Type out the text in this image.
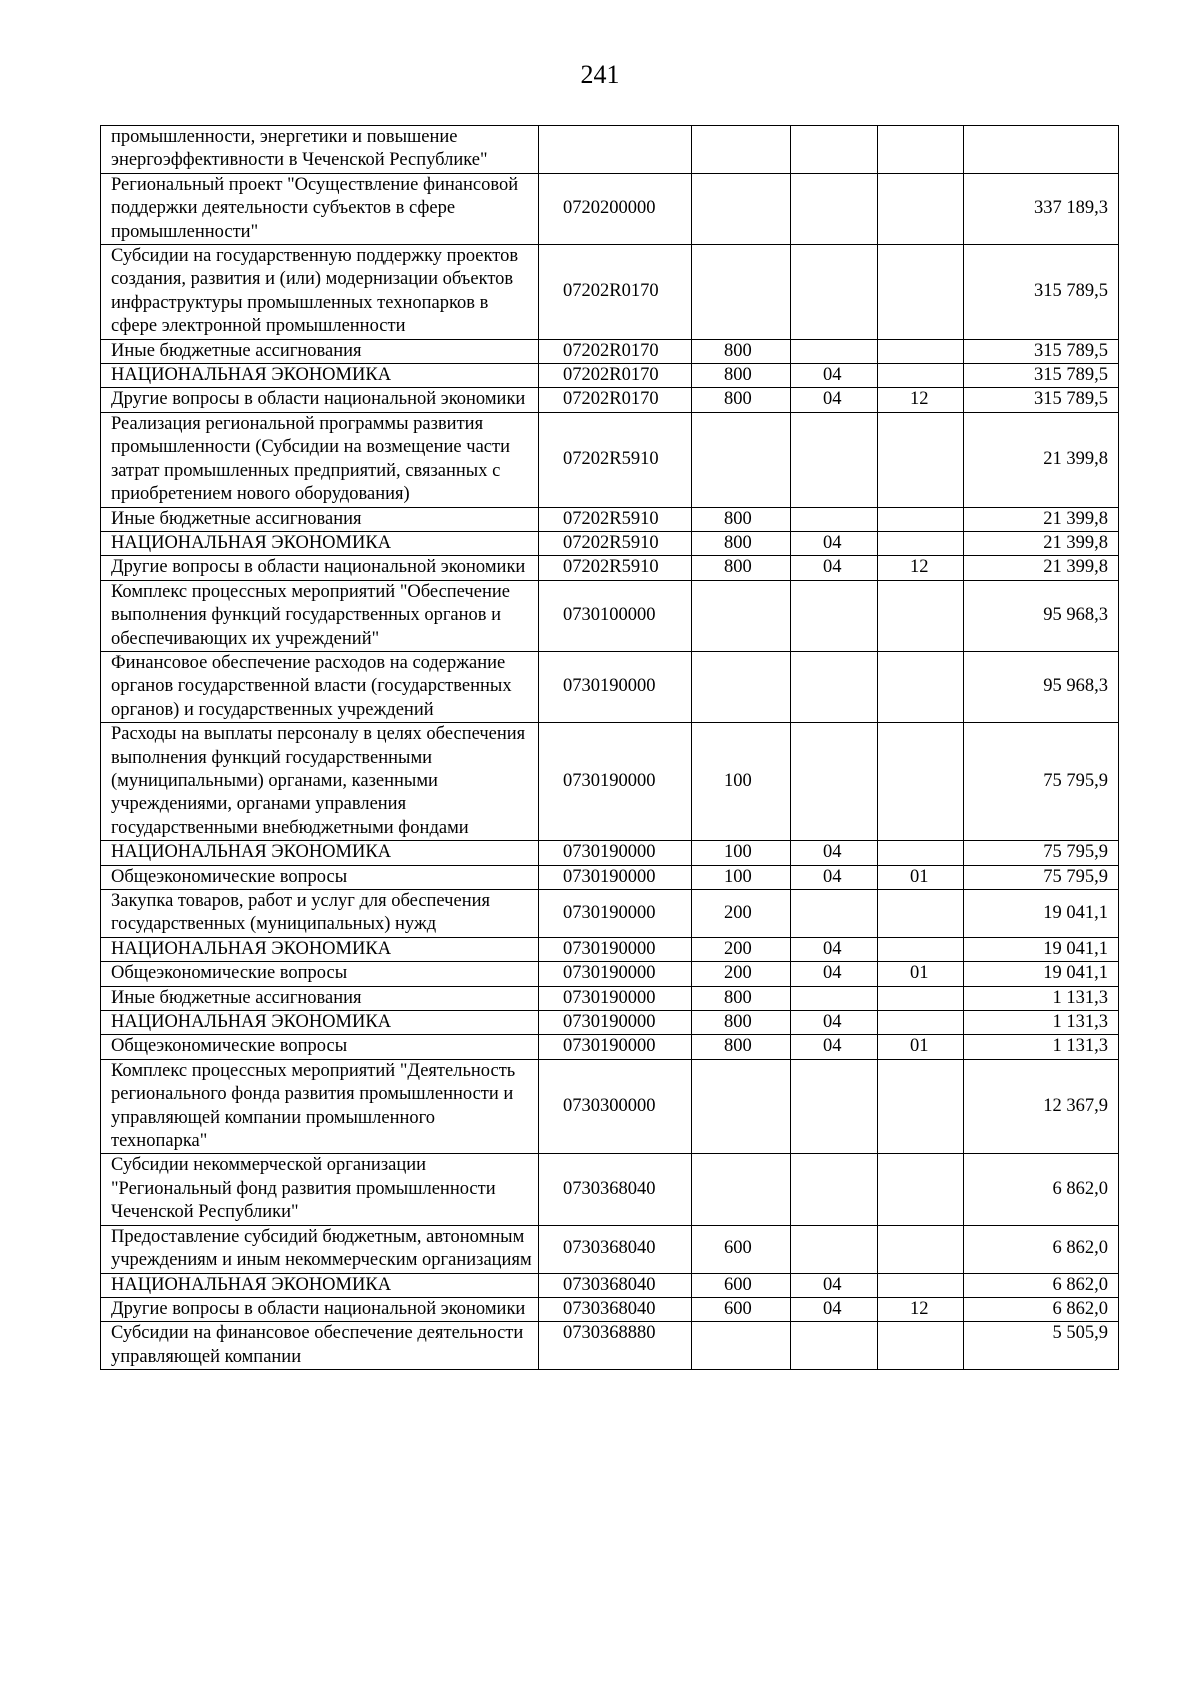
241
промышленности, энергетики и повышение энергоэффективности в Чеченской Республике"					
Региональный проект "Осуществление финансовой поддержки деятельности субъектов в сфере промышленности"	0720200000				337 189,3
Субсидии на государственную поддержку проектов создания, развития и (или) модернизации объектов инфраструктуры промышленных технопарков в сфере электронной промышленности	07202R0170				315 789,5
Иные бюджетные ассигнования	07202R0170	800			315 789,5
НАЦИОНАЛЬНАЯ ЭКОНОМИКА	07202R0170	800	04		315 789,5
Другие вопросы в области национальной экономики	07202R0170	800	04	12	315 789,5
Реализация региональной программы развития промышленности (Субсидии на возмещение части затрат промышленных предприятий, связанных с приобретением нового оборудования)	07202R5910				21 399,8
Иные бюджетные ассигнования	07202R5910	800			21 399,8
НАЦИОНАЛЬНАЯ ЭКОНОМИКА	07202R5910	800	04		21 399,8
Другие вопросы в области национальной экономики	07202R5910	800	04	12	21 399,8
Комплекс процессных мероприятий "Обеспечение выполнения функций государственных органов и обеспечивающих их учреждений"	0730100000				95 968,3
Финансовое обеспечение расходов на содержание органов государственной власти (государственных органов) и государственных учреждений	0730190000				95 968,3
Расходы на выплаты персоналу в целях обеспечения выполнения функций государственными (муниципальными) органами, казенными учреждениями, органами управления государственными внебюджетными фондами	0730190000	100			75 795,9
НАЦИОНАЛЬНАЯ ЭКОНОМИКА	0730190000	100	04		75 795,9
Общеэкономические вопросы	0730190000	100	04	01	75 795,9
Закупка товаров, работ и услуг для обеспечения государственных (муниципальных) нужд	0730190000	200			19 041,1
НАЦИОНАЛЬНАЯ ЭКОНОМИКА	0730190000	200	04		19 041,1
Общеэкономические вопросы	0730190000	200	04	01	19 041,1
Иные бюджетные ассигнования	0730190000	800			1 131,3
НАЦИОНАЛЬНАЯ ЭКОНОМИКА	0730190000	800	04		1 131,3
Общеэкономические вопросы	0730190000	800	04	01	1 131,3
Комплекс процессных мероприятий "Деятельность регионального фонда развития промышленности и управляющей компании промышленного технопарка"	0730300000				12 367,9
Субсидии некоммерческой организации "Региональный фонд развития промышленности Чеченской Республики"	0730368040				6 862,0
Предоставление субсидий бюджетным, автономным учреждениям и иным некоммерческим организациям	0730368040	600			6 862,0
НАЦИОНАЛЬНАЯ ЭКОНОМИКА	0730368040	600	04		6 862,0
Другие вопросы в области национальной экономики	0730368040	600	04	12	6 862,0
Субсидии на финансовое обеспечение деятельности управляющей компании	0730368880				5 505,9
